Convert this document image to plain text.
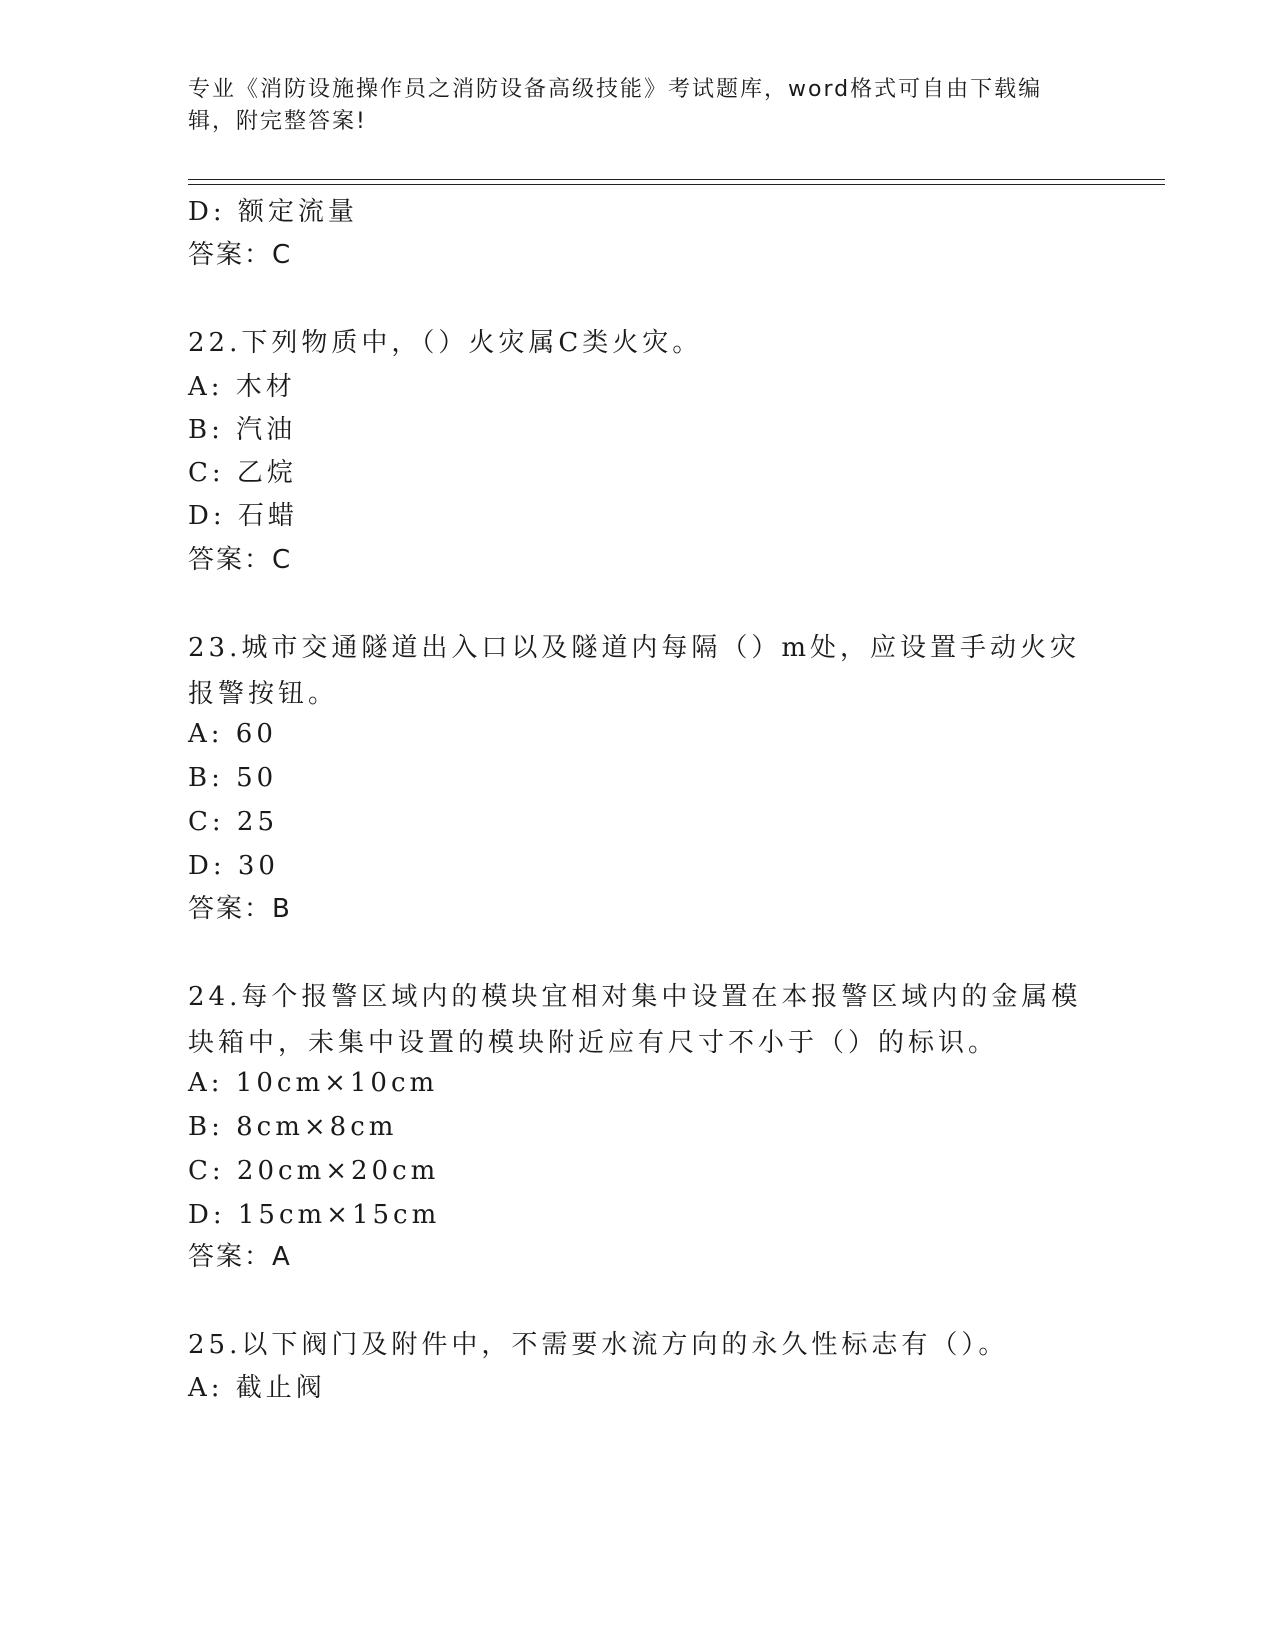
专业《消防设施操作员之消防设备高级技能》考试题库，word格式可自由下载编辑，附完整答案!
D: 额定流量
答案：C
22.下列物质中，（）火灾属C类火灾。
A: 木材
B: 汽油
C: 乙烷
D: 石蜡
答案：C
23.城市交通隧道出入口以及隧道内每隔（）m处，应设置手动火灾报警按钮。
A: 60
B: 50
C: 25
D: 30
答案：B
24.每个报警区域内的模块宜相对集中设置在本报警区域内的金属模块箱中，未集中设置的模块附近应有尺寸不小于（）的标识。
A: 10cm×10cm
B: 8cm×8cm
C: 20cm×20cm
D: 15cm×15cm
答案：A
25.以下阀门及附件中，不需要水流方向的永久性标志有（）。
A: 截止阀
